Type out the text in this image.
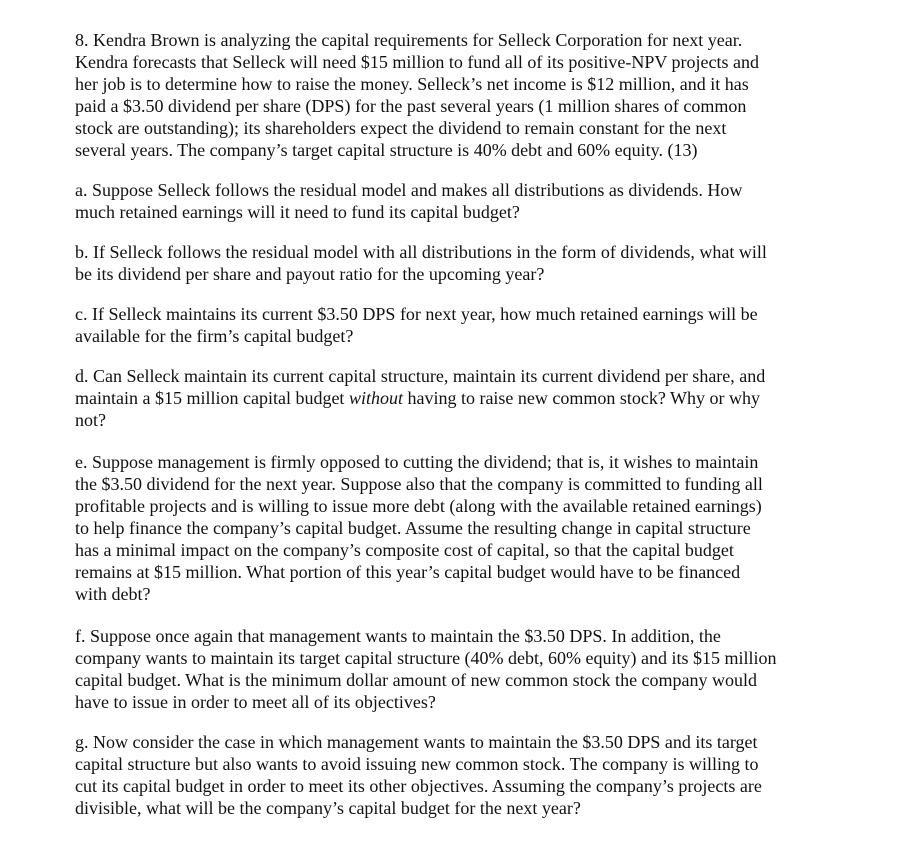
8. Kendra Brown is analyzing the capital requirements for Selleck Corporation for next year.
Kendra forecasts that Selleck will need $15 million to fund all of its positive-NPV projects and
her job is to determine how to raise the money. Selleck’s net income is $12 million, and it has
paid a $3.50 dividend per share (DPS) for the past several years (1 million shares of common
stock are outstanding); its shareholders expect the dividend to remain constant for the next
several years. The company’s target capital structure is 40% debt and 60% equity. (13)
a. Suppose Selleck follows the residual model and makes all distributions as dividends. How
much retained earnings will it need to fund its capital budget?
b. If Selleck follows the residual model with all distributions in the form of dividends, what will
be its dividend per share and payout ratio for the upcoming year?
c. If Selleck maintains its current $3.50 DPS for next year, how much retained earnings will be
available for the firm’s capital budget?
d. Can Selleck maintain its current capital structure, maintain its current dividend per share, and
maintain a $15 million capital budget without having to raise new common stock? Why or why
not?
e. Suppose management is firmly opposed to cutting the dividend; that is, it wishes to maintain
the $3.50 dividend for the next year. Suppose also that the company is committed to funding all
profitable projects and is willing to issue more debt (along with the available retained earnings)
to help finance the company’s capital budget. Assume the resulting change in capital structure
has a minimal impact on the company’s composite cost of capital, so that the capital budget
remains at $15 million. What portion of this year’s capital budget would have to be financed
with debt?
f. Suppose once again that management wants to maintain the $3.50 DPS. In addition, the
company wants to maintain its target capital structure (40% debt, 60% equity) and its $15 million
capital budget. What is the minimum dollar amount of new common stock the company would
have to issue in order to meet all of its objectives?
g. Now consider the case in which management wants to maintain the $3.50 DPS and its target
capital structure but also wants to avoid issuing new common stock. The company is willing to
cut its capital budget in order to meet its other objectives. Assuming the company’s projects are
divisible, what will be the company’s capital budget for the next year?
